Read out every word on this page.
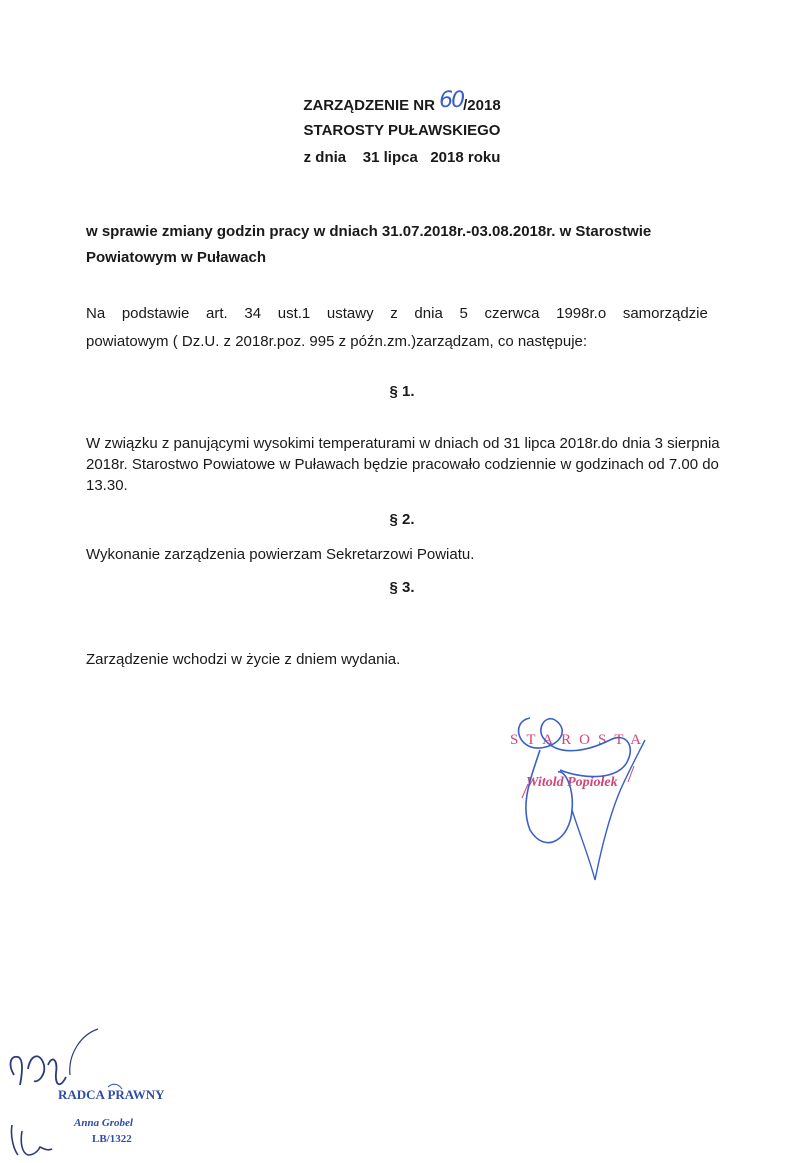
ZARZĄDZENIE NR 60/2018
STAROSTY PUŁAWSKIEGO
z dnia    31 lipca   2018 roku
w sprawie zmiany godzin pracy w dniach 31.07.2018r.-03.08.2018r. w Starostwie Powiatowym w Puławach
Na podstawie art. 34 ust.1 ustawy z dnia 5 czerwca 1998r.o samorządzie
powiatowym ( Dz.U. z 2018r.poz. 995 z późn.zm.)zarządzam, co następuje:
§ 1.
W związku z panującymi wysokimi temperaturami w dniach od 31 lipca 2018r.do dnia 3 sierpnia 2018r. Starostwo Powiatowe w Puławach będzie pracowało codziennie w godzinach od 7.00 do 13.30.
§ 2.
Wykonanie zarządzenia powierzam Sekretarzowi Powiatu.
§ 3.
Zarządzenie wchodzi w życie z dniem wydania.
STAROSTA
Witold Popiołek
RADCA PRAWNY
Anna Grobel
LB/1322
